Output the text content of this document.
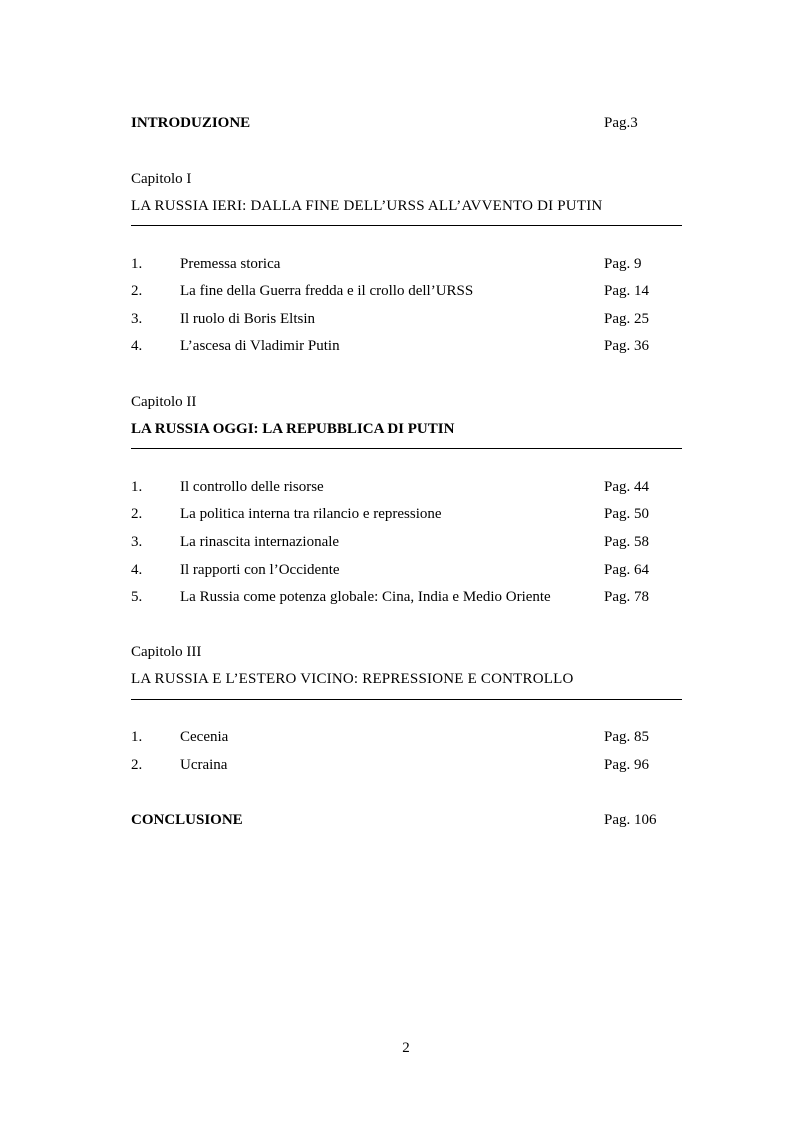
INTRODUZIONE	Pag.3
Capitolo I
LA RUSSIA IERI: DALLA FINE DELL’URSS ALL’AVVENTO DI PUTIN
1.	Premessa storica	Pag. 9
2.	La fine della Guerra fredda e il crollo dell’URSS	Pag. 14
3.	Il ruolo di Boris Eltsin	Pag. 25
4.	L’ascesa di Vladimir Putin	Pag. 36
Capitolo II
LA RUSSIA OGGI: LA REPUBBLICA DI PUTIN
1.	Il controllo delle risorse	Pag. 44
2.	La politica interna tra rilancio e repressione	Pag. 50
3.	La rinascita internazionale	Pag. 58
4.	Il rapporti con l’Occidente	Pag. 64
5.	La Russia come potenza globale: Cina, India e Medio Oriente	Pag. 78
Capitolo III
LA RUSSIA E L’ESTERO VICINO: REPRESSIONE E CONTROLLO
1.	Cecenia	Pag. 85
2.	Ucraina	Pag. 96
CONCLUSIONE	Pag. 106
2
